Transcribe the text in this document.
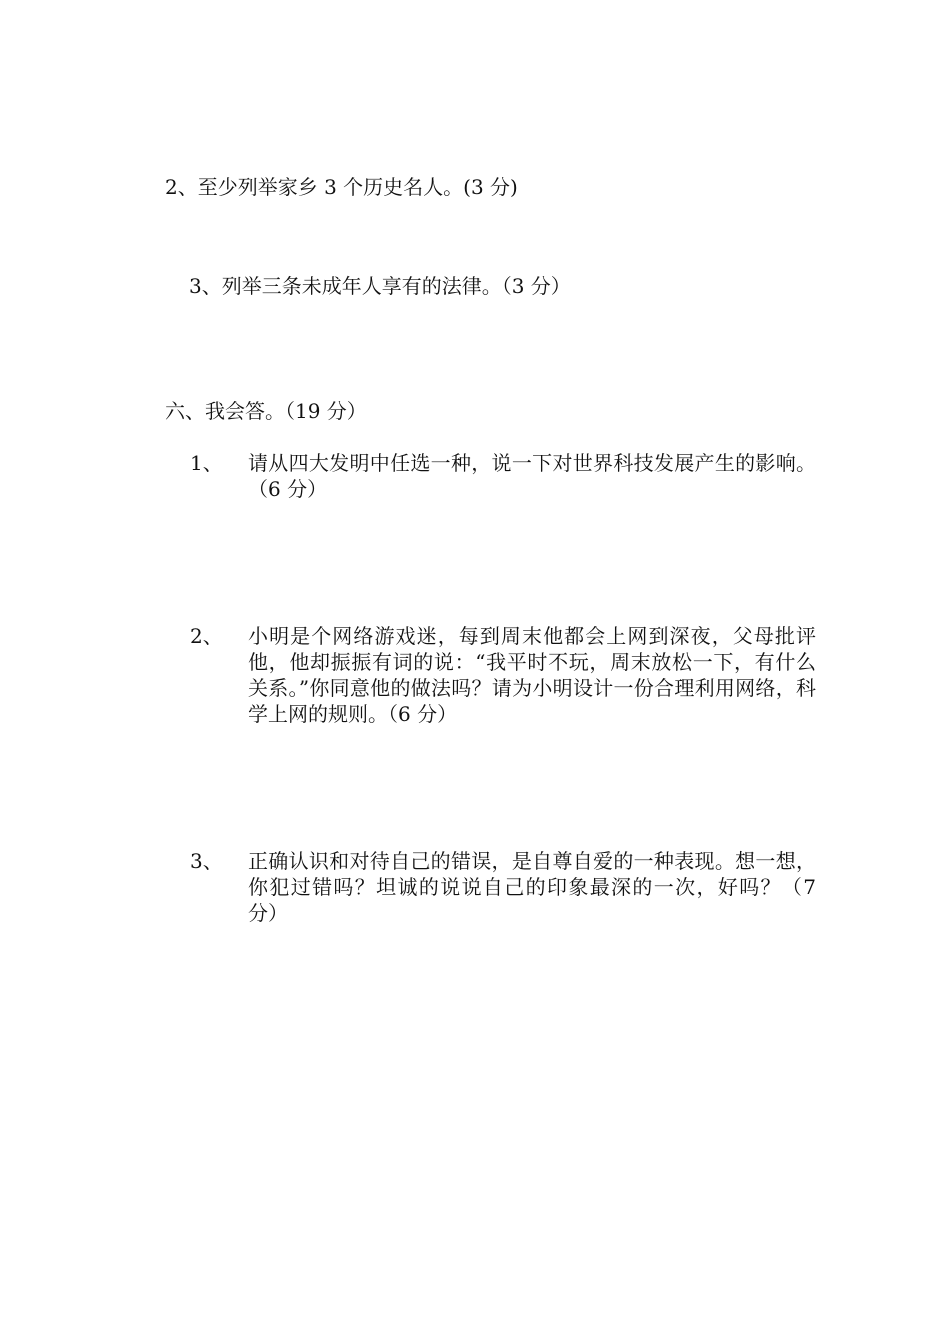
2、至少列举家乡 3 个历史名人。(3 分)
3、列举三条未成年人享有的法律。（3 分）
六、我会答。（19 分）
1、 请从四大发明中任选一种，说一下对世界科技发展产生的影响。（6 分）
2、 小明是个网络游戏迷，每到周末他都会上网到深夜，父母批评他，他却振振有词的说：“我平时不玩，周末放松一下，有什么关系。”你同意他的做法吗？请为小明设计一份合理利用网络，科学上网的规则。（6 分）
3、 正确认识和对待自己的错误，是自尊自爱的一种表现。想一想，你犯过错吗？坦诚的说说自己的印象最深的一次，好吗？（7 分）
